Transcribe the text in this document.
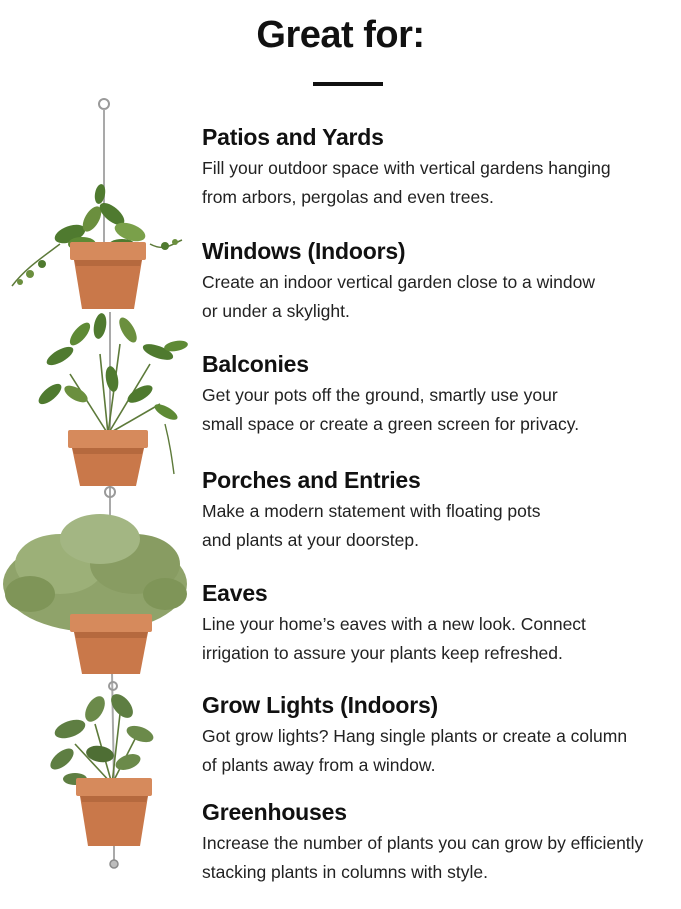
Great for:
Patios and Yards

Fill your outdoor space with vertical gardens hanging
from arbors, pergolas and even trees.

Windows (Indoors)

Create an indoor vertical garden close to a window
or under a skylight.

Balconies

Get your pots off the ground, smartly use your
small space or create a green screen for privacy.

Porches and Entries

Make a modern statement with floating pots
and plants at your doorstep.

Eaves

Line your home’s eaves with a new look. Connect
irrigation to assure your plants keep refreshed.

Grow Lights (Indoors)

Got grow lights? Hang single plants or create a column
of plants away from a window.

Greenhouses

Increase the number of plants you can grow by efficiently
stacking plants in columns with style.
